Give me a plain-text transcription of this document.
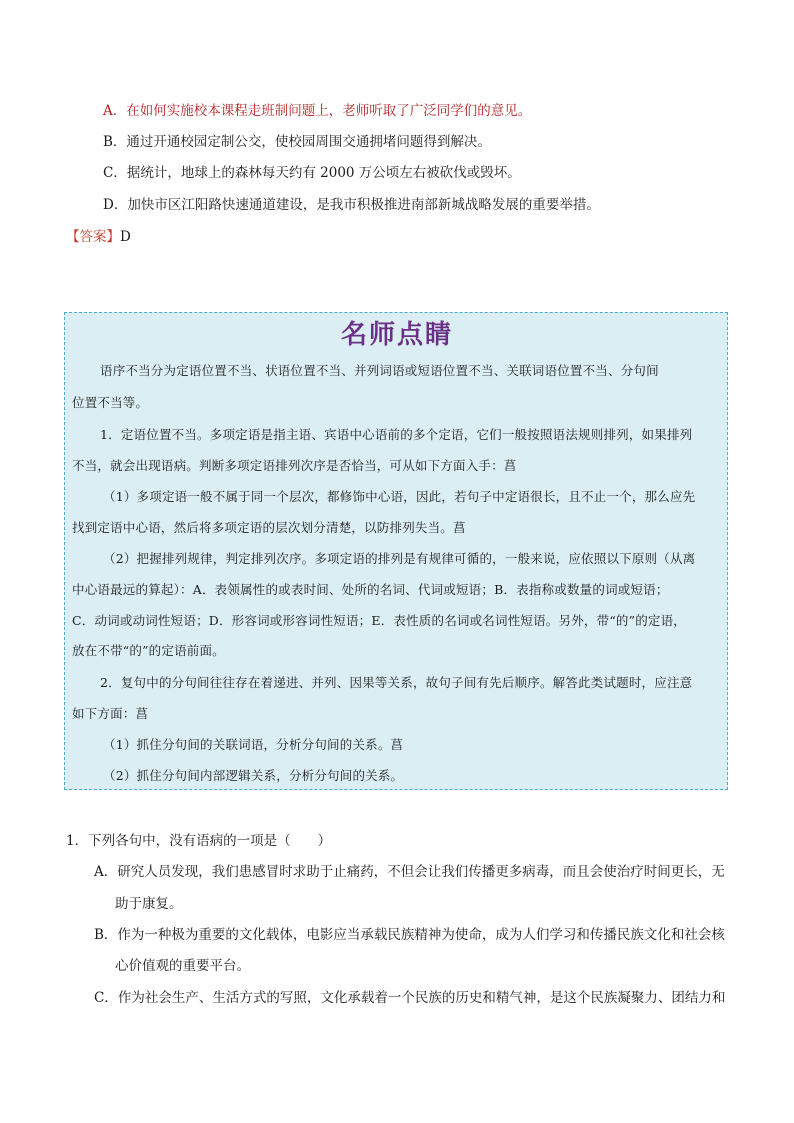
A．在如何实施校本课程走班制问题上，老师听取了广泛同学们的意见。
B．通过开通校园定制公交，使校园周围交通拥堵问题得到解决。
C．据统计，地球上的森林每天约有 2000 万公顷左右被砍伐或毁坏。
D．加快市区江阳路快速通道建设，是我市积极推进南部新城战略发展的重要举措。
【答案】D
名师点睛
语序不当分为定语位置不当、状语位置不当、并列词语或短语位置不当、关联词语位置不当、分句间
位置不当等。
1．定语位置不当。多项定语是指主语、宾语中心语前的多个定语，它们一般按照语法规则排列，如果排列
不当，就会出现语病。判断多项定语排列次序是否恰当，可从如下方面入手：菖
（1）多项定语一般不属于同一个层次，都修饰中心语，因此，若句子中定语很长，且不止一个，那么应先
找到定语中心语，然后将多项定语的层次划分清楚，以防排列失当。菖
（2）把握排列规律，判定排列次序。多项定语的排列是有规律可循的，一般来说，应依照以下原则（从离
中心语最远的算起）：A．表领属性的或表时间、处所的名词、代词或短语；B．表指称或数量的词或短语；
C．动词或动词性短语；D．形容词或形容词性短语；E．表性质的名词或名词性短语。另外，带“的”的定语，
放在不带“的”的定语前面。
2．复句中的分句间往往存在着递进、并列、因果等关系，故句子间有先后顺序。解答此类试题时，应注意
如下方面：菖
（1）抓住分句间的关联词语，分析分句间的关系。菖
（2）抓住分句间内部逻辑关系，分析分句间的关系。
1．下列各句中，没有语病的一项是（　　）
A．研究人员发现，我们患感冒时求助于止痛药，不但会让我们传播更多病毒，而且会使治疗时间更长，无
助于康复。
B．作为一种极为重要的文化载体，电影应当承载民族精神为使命，成为人们学习和传播民族文化和社会核
心价值观的重要平台。
C．作为社会生产、生活方式的写照，文化承载着一个民族的历史和精气神，是这个民族凝聚力、团结力和
